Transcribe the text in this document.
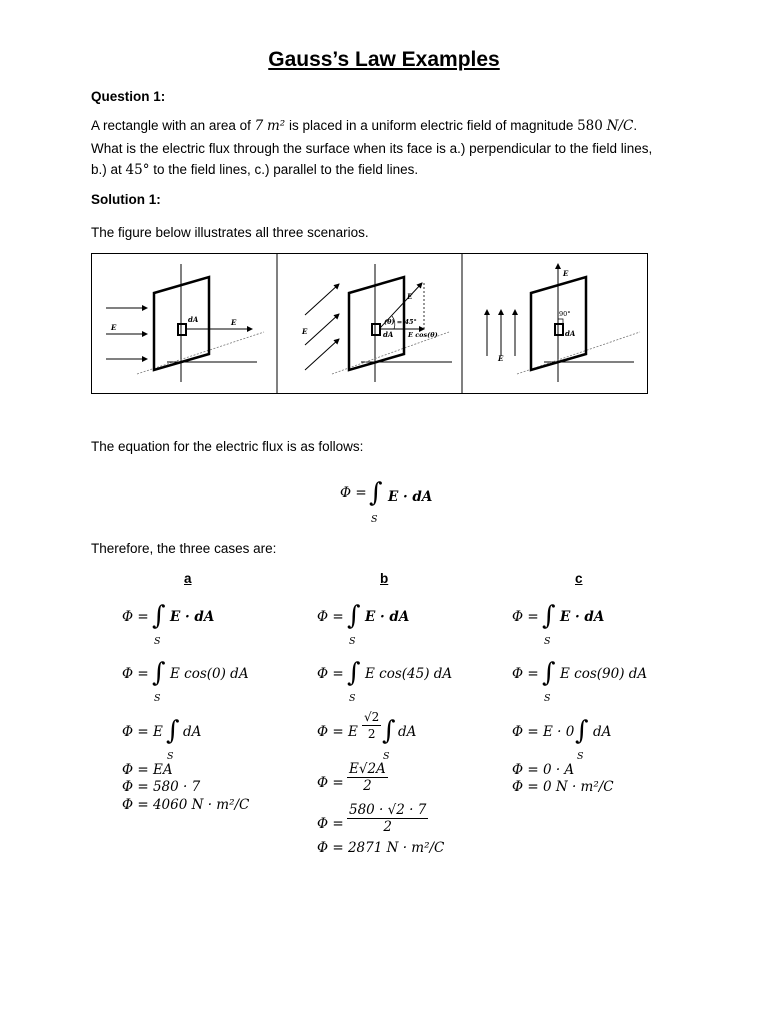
Gauss’s Law Examples
Question 1:
A rectangle with an area of 7 m² is placed in a uniform electric field of magnitude 580 N/C.
What is the electric flux through the surface when its face is a.) perpendicular to the field lines,
b.) at 45° to the field lines, c.) parallel to the field lines.
Solution 1:
The figure below illustrates all three scenarios.
E
dA	E
E
E
(θ) = 45°
dA E cos(θ)
E
E
90°
dA
The equation for the electric flux is as follows:
Φ = ∫
S
E · dA
Therefore, the three cases are:
a	b	c
Φ = ∫
S
E · dA
Φ = ∫
S
E cos(0) dA
Φ = E ∫
S
dA
Φ = EA
Φ = 580 · 7
Φ = 4060 N · m²/C
Φ = ∫
S
E · dA
Φ = ∫
S
E cos(45) dA
Φ = E $\frac{√2}{2}$ ∫
S
dA
$\Phi = \frac{E√2A}{2}$
$\Phi = \frac{580 \cdot √2 \cdot 7}{2}$
Φ = 2871 N · m²/C
Φ = ∫
S
E · dA
Φ = ∫
S
E cos(90) dA
Φ = E · 0 ∫
S
dA
Φ = 0 · A
Φ = 0 N · m²/C
